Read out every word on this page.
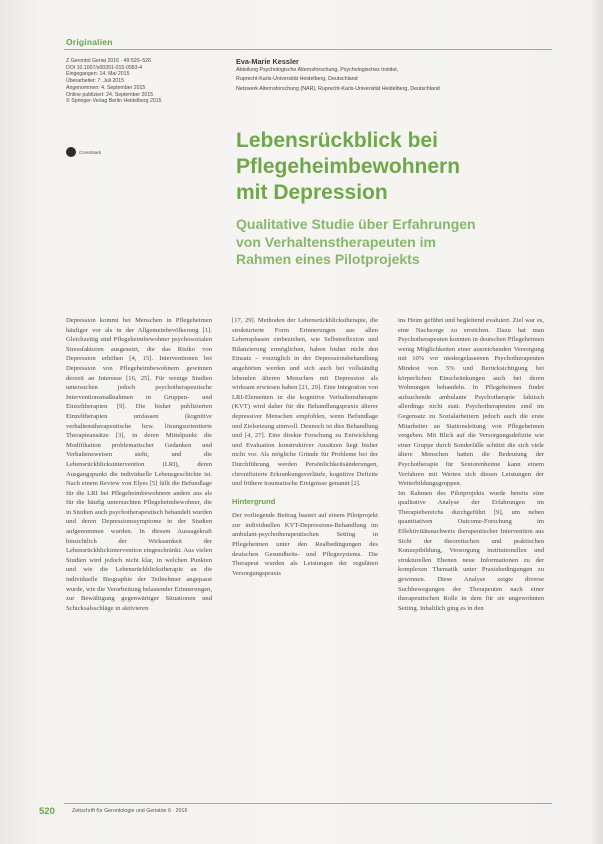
Originalien
Z Gerontol Geriat 2016 · 49:520–526
DOI 10.1007/s00391-015-0983-4
Eingegangen: 14. Mai 2015
Überarbeitet: 7. Juli 2015
Angenommen: 4. September 2015
Online publiziert: 24. September 2015
© Springer-Verlag Berlin Heidelberg 2015
CrossMark
Eva-Marie Kessler
Abteilung Psychologische Alternsforschung, Psychologisches Institut,
Ruprecht-Karls-Universität Heidelberg, Deutschland
Netzwerk Alternsforschung (NAR), Ruprecht-Karls-Universität Heidelberg, Deutschland
Lebensrückblick bei
Pflegeheimbewohnern
mit Depression
Qualitative Studie über Erfahrungen
von Verhaltenstherapeuten im
Rahmen eines Pilotprojekts

Depression kommt bei Menschen in Pflegeheimen häufiger vor als in der Allgemeinbevölkerung [1]. Gleichzeitig sind Pflegeheimbewohner psychosozialen Stressfaktoren ausgesetzt, die das Risiko von Depression erhöhen [4, 15]. Interventionen bei Depression von Pflegeheimbewohnern gewinnen derzeit an Interesse [16, 25]. Für wenige Studien untersuchen jedoch psychotherapeutische Interventionsmaßnahmen in Gruppen- und Einzeltherapien [9]. Die bisher publizierten Einzeltherapien umfassen (kognitive verhaltenstherapeutische bzw. lösungsorientierte Therapieansätze [3], in deren Mittelpunkt die Modifikation problematischer Gedanken und Verhaltensweisen steht, und die Lebensrückblicksintervention (LRI), deren Ausgangspunkt die individuelle Lebensgeschichte ist. Nach einem Review von Elyes [5] fällt die Befundlage für die LRI bei Pflegeheimbewohnern anders aus als für die häufig untersuchten Pflegeheimbewohner, die in Studien auch psychotherapeutisch behandelt wurden und deren Depressionssymptome in der Studien aufgenommen wurden. In diesem Aussagekraft hinsichtlich der Wirksamkeit der Lebensrückblickintervention eingeschränkt. Aus vielen Studien wird jedoch nicht klar, in welchen Punkten und wie die Lebensrückblickstherapie an die individuelle Biographie der Teilnehmer angepasst wurde, wie die Verarbeitung belastender Erinnerungen, zur Bewältigung gegenwärtiger Situationen und Schicksalsschläge in aktivieren

[17, 29]. Methoden der Lebensrückblickstherapie, die strukturierte Form Erinnerungen aus allen Lebensphasen einbeziehen, wie Selbstreflexion und Bilanzierung ermöglichen, haben bisher nicht den Einsatz – vorzüglich in der Depressionsbehandlung angehörten werden und sich auch bei vollständig lebenden älteren Menschen mit Depression als wirksam erwiesen haben [21, 29]. Eine Integration von LRI-Elementen in die kognitive Verhaltenstherapie (KVT) wird daher für die Behandlungspraxis älterer depressiver Menschen empfohlen, wenn Befundlage und Zielsetzung sinnvoll. Dennoch ist dies Behandlung und [4, 27]. Eine direkte Forschung zu Entwicklung und Evaluation konstruktiver Ansätzen liegt bisher nicht vor. Als mögliche Gründe für Probleme bei der Durchführung werden Persönlichkeitsänderungen, chronifizierte Erkrankungsverläufe, kognitive Defizite und frühere traumatische Ereignisse genannt [2].

Hintergrund

Der vorliegende Beitrag basiert auf einem Pilotprojekt zur individuellen KVT-Depressions-Behandlung im ambulant-psychotherapeutischen Setting in Pflegeheimen unter den Realbedingungen des deutschen Gesundheits- und Pflegesystems. Die Therapeut wurden als Leistungen der regulären Versorgungspraxis

ins Heim geführt und begleitend evaluiert. Ziel war es, eine Nachsorge zu erreichen. Dazu hat man Psychotherapeuten konnten in deutschen Pflegeheimen wenig Möglichkeiten einer ausreichenden Versorgung mit 10% vor niedergelassenen Psychotherapeuten Mindest von 5% und Berücksichtigung bei körperlichen Einschränkungen auch bei deren Wohnungen behandeln. In Pflegeheimen findet aufsuchende ambulante Psychotherapie faktisch allerdings nicht statt. Psychotherapeuten sind im Gegensatz zu Sozialarbeitern jedoch auch die erste Mitarbeiter an Stationsleitung von Pflegeheimen vergeben. Mit Blick auf die Versorgungsdefizite wie einer Gruppe durch Sonderfälle schützt die sich viele ältere Menschen hatten die Bedeutung der Psychotherapie für Seniorenheime kann einem Verfahren mit Werten sich diesen Leistungen der Weiterbildungsgruppen.
Im Rahmen des Pilotprojekts wurde bereits eine qualitative Analyse der Erfahrungen im Therapiebereichs durchgeführt [9], um neben quantitativen Outcome-Forschung im Effektivitätsnachweis therapeutischer Intervention aus Sicht der theoretischen und praktischen Konzeptbildung, Versorgung institutionellen und strukturellen Ebenen neue Informationen zu der komplexen Thematik unter Praxisbedingungen zu gewinnen. Diese Analyse zeigte diverse Suchbewegungen der Therapeuten nach einer therapeutischen Rolle in dem für sie ungewohnten Setting. Inhaltlich ging es in den

520	Zeitschrift für Gerontologie und Geriatrie 6 · 2016
